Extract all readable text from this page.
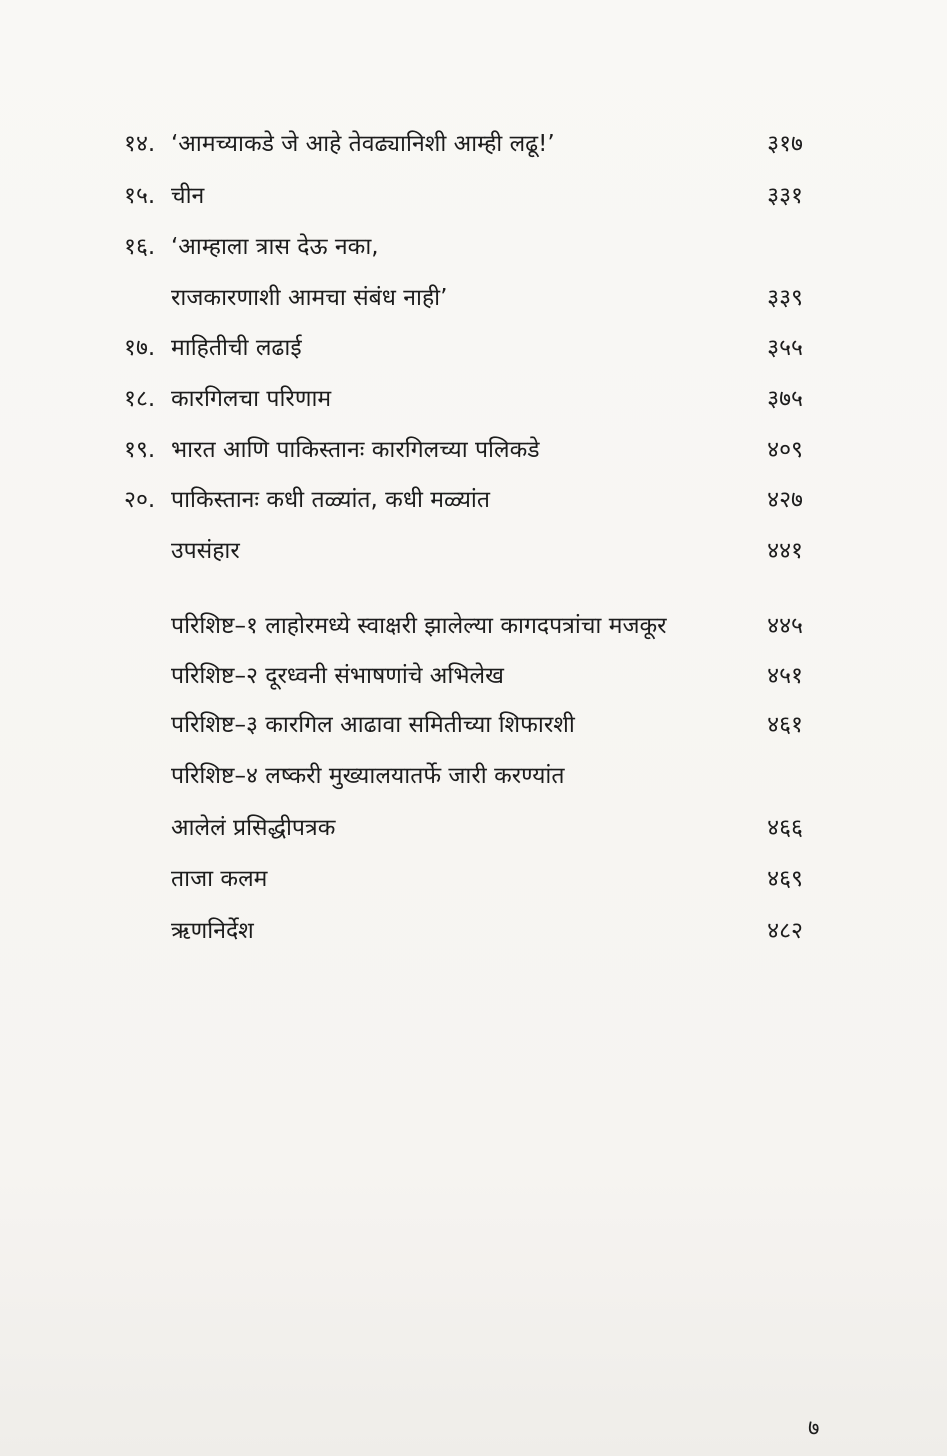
१४. ‘आमच्याकडे जे आहे तेवढ्यानिशी आम्ही लढू!’	३१७
१५. चीन	३३१
१६. ‘आम्हाला त्रास देऊ नका,
राजकारणाशी आमचा संबंध नाही’	३३९
१७. माहितीची लढाई	३५५
१८. कारगिलचा परिणाम	३७५
१९. भारत आणि पाकिस्तानः कारगिलच्या पलिकडे	४०९
२०. पाकिस्तानः कधी तळ्यांत, कधी मळ्यांत	४२७
उपसंहार	४४१
परिशिष्ट–१ लाहोरमध्ये स्वाक्षरी झालेल्या कागदपत्रांचा मजकूर	४४५
परिशिष्ट–२ दूरध्वनी संभाषणांचे अभिलेख	४५१
परिशिष्ट–३ कारगिल आढावा समितीच्या शिफारशी	४६१
परिशिष्ट–४ लष्करी मुख्यालयातर्फे जारी करण्यांत
आलेलं प्रसिद्धीपत्रक	४६६
ताजा कलम	४६९
ऋणनिर्देश	४८२
७
